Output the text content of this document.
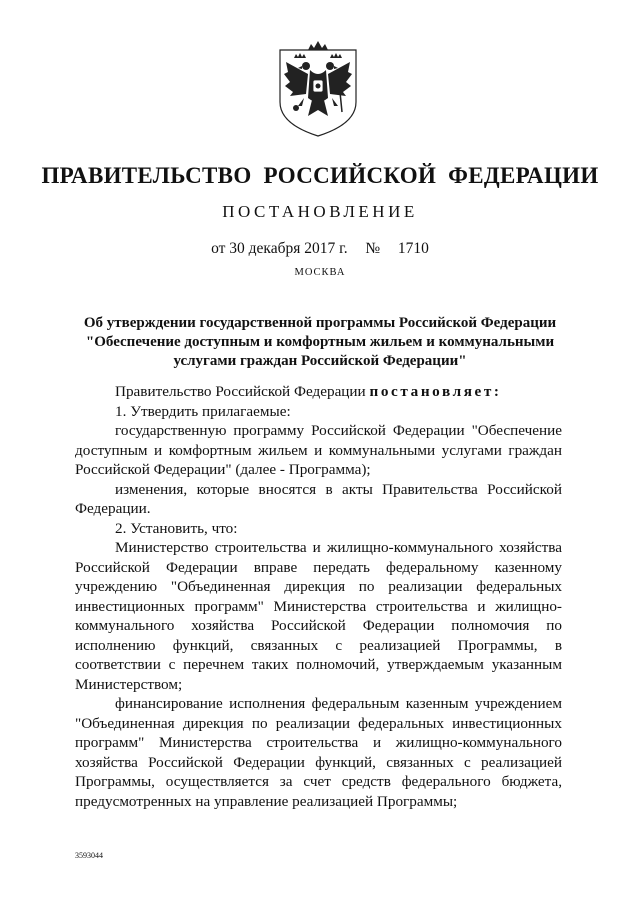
ПРАВИТЕЛЬСТВО РОССИЙСКОЙ ФЕДЕРАЦИИ
ПОСТАНОВЛЕНИЕ
от 30 декабря 2017 г. № 1710
МОСКВА
Об утверждении государственной программы Российской Федерации
"Обеспечение доступным и комфортным жильем и коммунальными
услугами граждан Российской Федерации"

Правительство Российской Федерации постановляет:

1. Утвердить прилагаемые:

государственную программу Российской Федерации "Обеспечение доступным и комфортным жильем и коммунальными услугами граждан Российской Федерации" (далее - Программа);

изменения, которые вносятся в акты Правительства Российской Федерации.

2. Установить, что:

Министерство строительства и жилищно-коммунального хозяйства Российской Федерации вправе передать федеральному казенному учреждению "Объединенная дирекция по реализации федеральных инвестиционных программ" Министерства строительства и жилищно-коммунального хозяйства Российской Федерации полномочия по исполнению функций, связанных с реализацией Программы, в соответствии с перечнем таких полномочий, утверждаемым указанным Министерством;

финансирование исполнения федеральным казенным учреждением "Объединенная дирекция по реализации федеральных инвестиционных программ" Министерства строительства и жилищно-коммунального хозяйства Российской Федерации функций, связанных с реализацией Программы, осуществляется за счет средств федерального бюджета, предусмотренных на управление реализацией Программы;

3593044
